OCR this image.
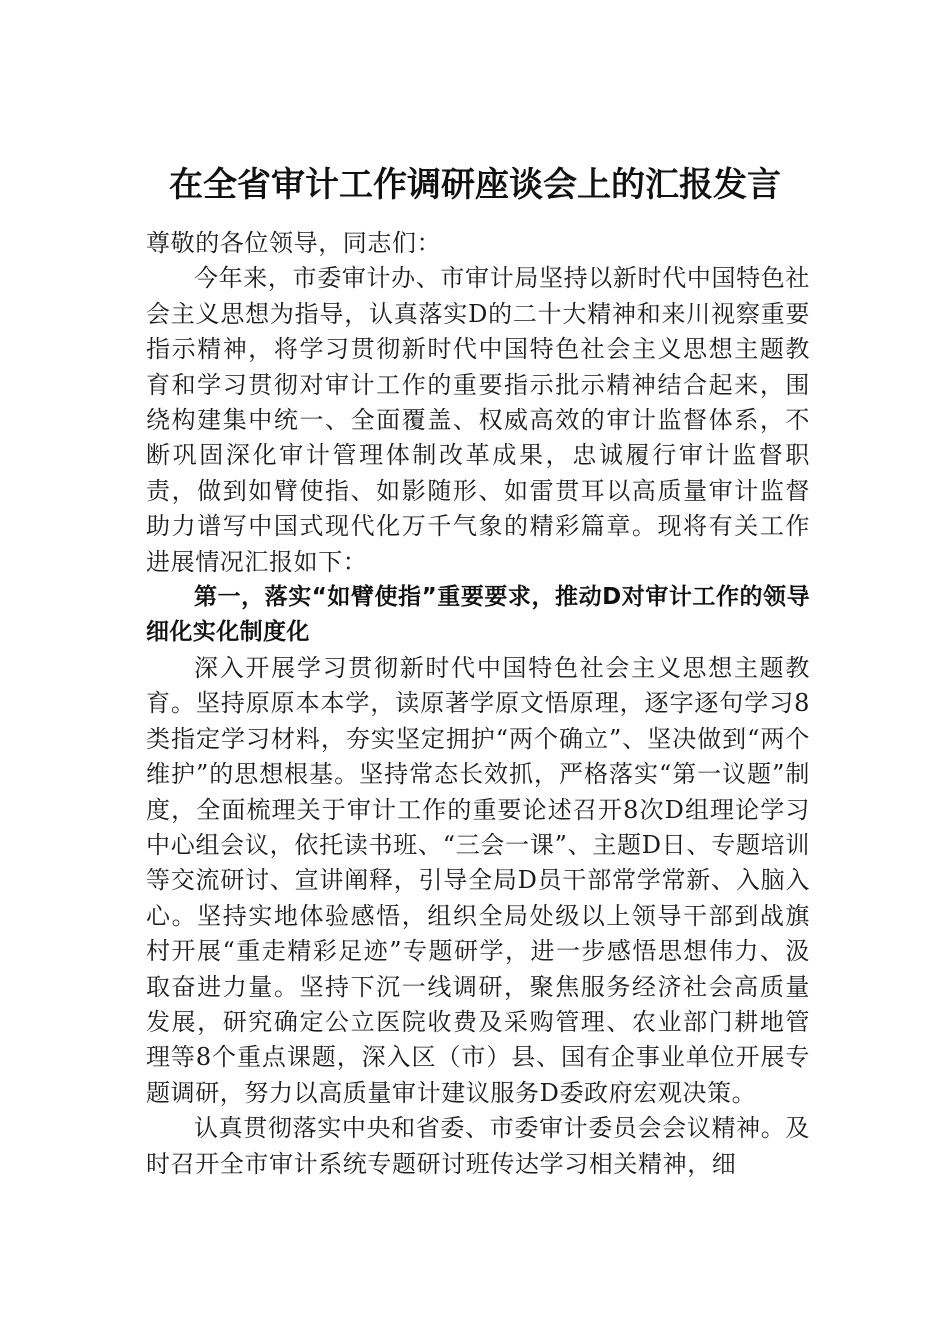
在全省审计工作调研座谈会上的汇报发言

尊敬的各位领导，同志们：

今年来，市委审计办、市审计局坚持以新时代中国特色社会主义思想为指导，认真落实D的二十大精神和来川视察重要指示精神，将学习贯彻新时代中国特色社会主义思想主题教育和学习贯彻对审计工作的重要指示批示精神结合起来，围绕构建集中统一、全面覆盖、权威高效的审计监督体系，不断巩固深化审计管理体制改革成果，忠诚履行审计监督职责，做到如臂使指、如影随形、如雷贯耳以高质量审计监督助力谱写中国式现代化万千气象的精彩篇章。现将有关工作进展情况汇报如下：

第一，落实“如臂使指”重要要求，推动D对审计工作的领导细化实化制度化

深入开展学习贯彻新时代中国特色社会主义思想主题教育。坚持原原本本学，读原著学原文悟原理，逐字逐句学习8类指定学习材料，夯实坚定拥护“两个确立”、坚决做到“两个维护”的思想根基。坚持常态长效抓，严格落实“第一议题”制度，全面梳理关于审计工作的重要论述召开8次D组理论学习中心组会议，依托读书班、“三会一课”、主题D日、专题培训等交流研讨、宣讲阐释，引导全局D员干部常学常新、入脑入心。坚持实地体验感悟，组织全局处级以上领导干部到战旗村开展“重走精彩足迹”专题研学，进一步感悟思想伟力、汲取奋进力量。坚持下沉一线调研，聚焦服务经济社会高质量发展，研究确定公立医院收费及采购管理、农业部门耕地管理等8个重点课题，深入区（市）县、国有企事业单位开展专题调研，努力以高质量审计建议服务D委政府宏观决策。

认真贯彻落实中央和省委、市委审计委员会会议精神。及时召开全市审计系统专题研讨班传达学习相关精神，细
